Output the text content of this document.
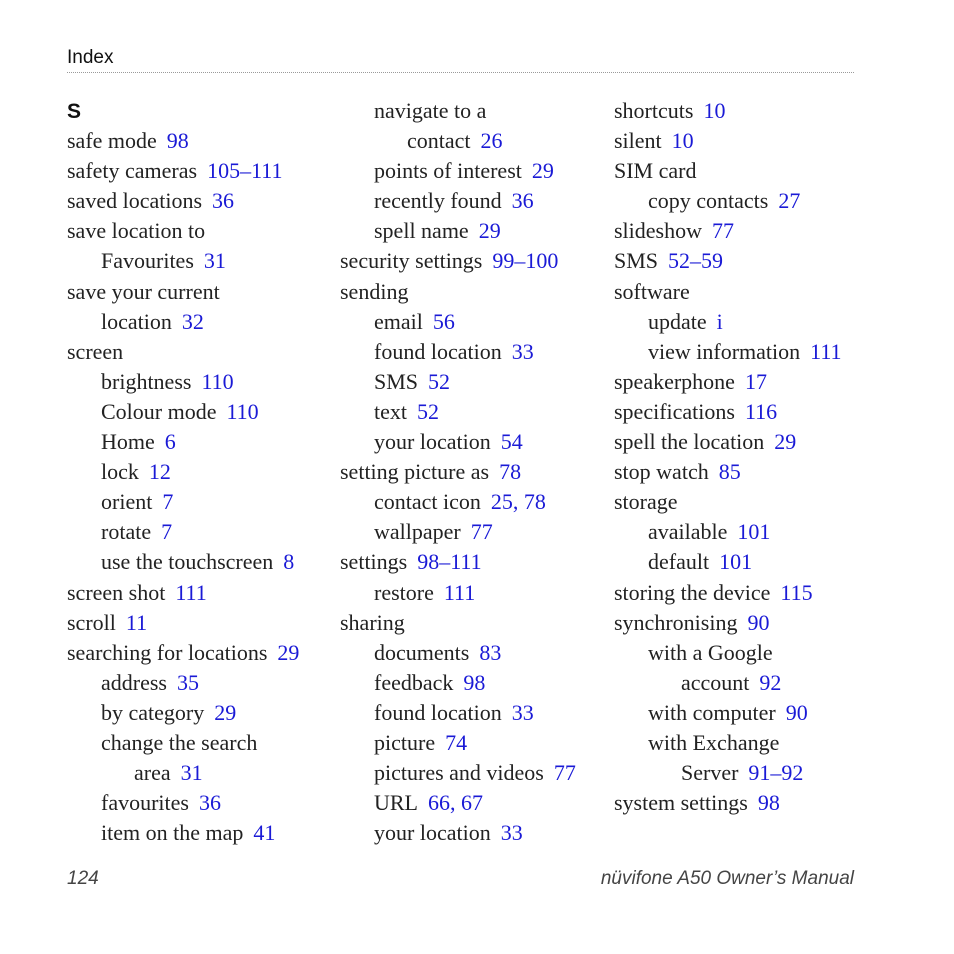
Index
S
safe mode 98
safety cameras 105–111
saved locations 36
save location to
Favourites 31
save your current
location 32
screen
brightness 110
Colour mode 110
Home 6
lock 12
orient 7
rotate 7
use the touchscreen 8
screen shot 111
scroll 11
searching for locations 29
address 35
by category 29
change the search
area 31
favourites 36
item on the map 41
navigate to a
contact 26
points of interest 29
recently found 36
spell name 29
security settings 99–100
sending
email 56
found location 33
SMS 52
text 52
your location 54
setting picture as 78
contact icon 25, 78
wallpaper 77
settings 98–111
restore 111
sharing
documents 83
feedback 98
found location 33
picture 74
pictures and videos 77
URL 66, 67
your location 33
shortcuts 10
silent 10
SIM card
copy contacts 27
slideshow 77
SMS 52–59
software
update i
view information 111
speakerphone 17
specifications 116
spell the location 29
stop watch 85
storage
available 101
default 101
storing the device 115
synchronising 90
with a Google
account 92
with computer 90
with Exchange
Server 91–92
system settings 98
124	nüvifone A50 Owner’s Manual
